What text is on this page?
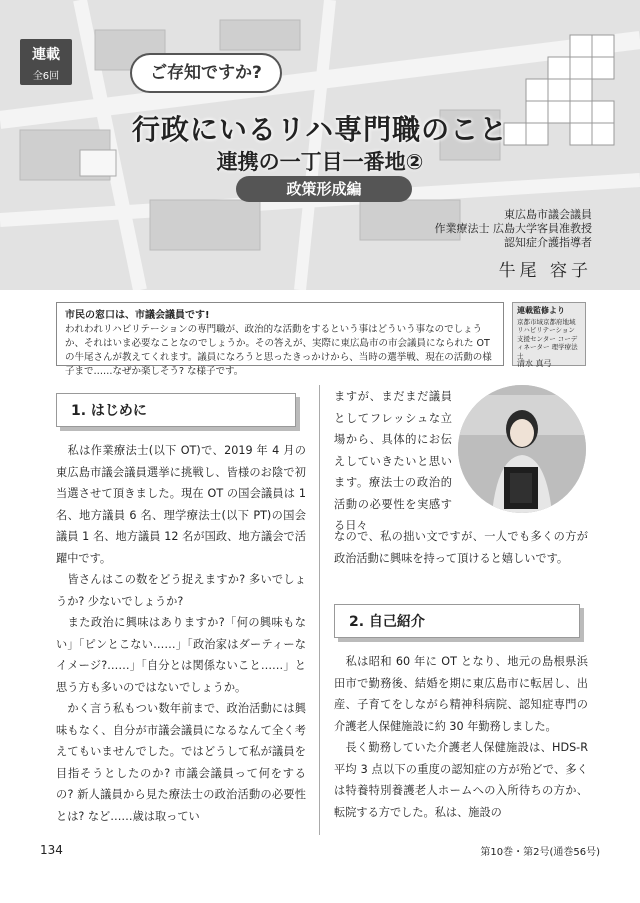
連載
全6回	ご存知ですか?
行政にいるリハ専門職のこと
連携の一丁目一番地②
政策形成編
東広島市議会議員
作業療法士 広島大学客員准教授
認知症介護指導者
牛尾 容子
市民の窓口は、市議会議員です!
われわれリハビリテーションの専門職が、政治的な活動をするという事はどういう事なのでしょうか、それはいま必要なことなのでしょうか。その答えが、実際に東広島市の市会議員になられた OT の牛尾さんが教えてくれます。議員になろうと思ったきっかけから、当時の選挙戦、現在の活動の様子まで……なぜか楽しそう? な様子です。
連載監修より
京都市域京都府地域リハビリテーション支援センター コーディネーター 理学療法士
清水 真弓
1. はじめに
　私は作業療法士(以下 OT)で、2019 年 4 月の東広島市議会議員選挙に挑戦し、皆様のお陰で初当選させて頂きました。現在 OT の国会議員は 1 名、地方議員 6 名、理学療法士(以下 PT)の国会議員 1 名、地方議員 12 名が国政、地方議会で活躍中です。
　皆さんはこの数をどう捉えますか? 多いでしょうか? 少ないでしょうか?
　また政治に興味はありますか?「何の興味もない」「ピンとこない……」「政治家はダーティーなイメージ?……」「自分とは関係ないこと……」と思う方も多いのではないでしょうか。
　かく言う私もつい数年前まで、政治活動には興味もなく、自分が市議会議員になるなんて全く考えてもいませんでした。ではどうして私が議員を目指そうとしたのか? 市議会議員って何をするの? 新人議員から見た療法士の政治活動の必要性とは? など……歳は取ってい
ますが、まだまだ議員としてフレッシュな立場から、具体的にお伝えしていきたいと思います。療法士の政治的活動の必要性を実感する日々
なので、私の拙い文ですが、一人でも多くの方が政治活動に興味を持って頂けると嬉しいです。
2. 自己紹介
　私は昭和 60 年に OT となり、地元の島根県浜田市で勤務後、結婚を期に東広島市に転居し、出産、子育てをしながら精神科病院、認知症専門の介護老人保健施設に約 30 年勤務しました。
　長く勤務していた介護老人保健施設は、HDS-R 平均 3 点以下の重度の認知症の方が殆どで、多くは特養特別養護老人ホームへの入所待ちの方か、転院する方でした。私は、施設の
134	第10巻・第2号(通巻56号)
